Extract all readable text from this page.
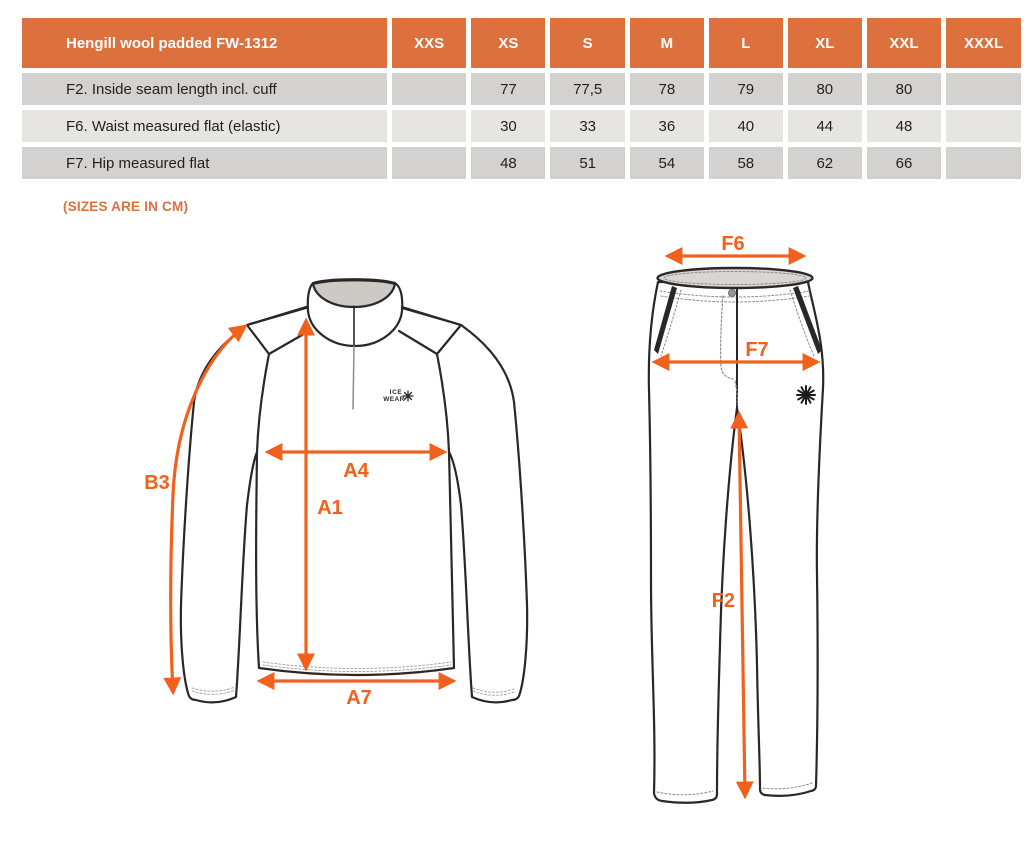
Hengill wool padded FW-1312	XXS	XS	S	M	L	XL	XXL	XXXL
F2. Inside seam length incl. cuff		77	77,5	78	79	80	80	
F6. Waist measured flat (elastic)		30	33	36	40	44	48	
F7. Hip measured flat		48	51	54	58	62	66	
(SIZES ARE IN CM)
ICE
WEAR
B3
A4
A1
A7
F6
F7
F2
